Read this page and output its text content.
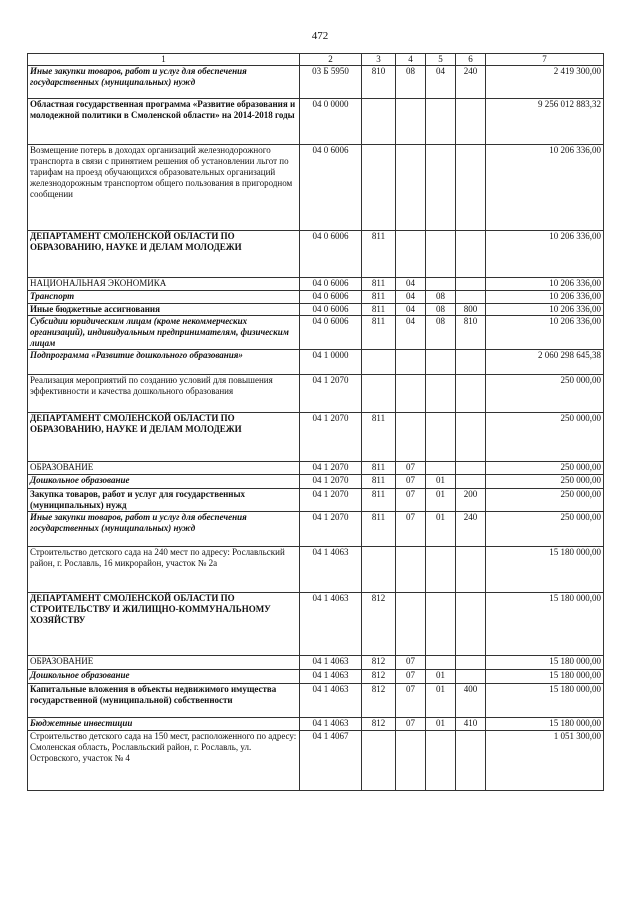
472
1	2	3	4	5	6	7
Иные закупки товаров, работ и услуг для обеспечения государственных (муниципальных) нужд	03 Б 5950	810	08	04	240	2 419 300,00
Областная государственная программа «Развитие образования и молодежной политики в Смоленской области» на 2014-2018 годы	04 0 0000					9 256 012 883,32
Возмещение потерь в доходах организаций железнодорожного транспорта в связи с принятием решения об установлении льгот по тарифам на проезд обучающихся образовательных организаций железнодорожным транспортом общего пользования в пригородном сообщении	04 0 6006					10 206 336,00
ДЕПАРТАМЕНТ СМОЛЕНСКОЙ ОБЛАСТИ ПО ОБРАЗОВАНИЮ, НАУКЕ И ДЕЛАМ МОЛОДЕЖИ	04 0 6006	811				10 206 336,00
НАЦИОНАЛЬНАЯ ЭКОНОМИКА	04 0 6006	811	04			10 206 336,00
Транспорт	04 0 6006	811	04	08		10 206 336,00
Иные бюджетные ассигнования	04 0 6006	811	04	08	800	10 206 336,00
Субсидии юридическим лицам (кроме некоммерческих организаций), индивидуальным предпринимателям, физическим лицам	04 0 6006	811	04	08	810	10 206 336,00
Подпрограмма «Развитие дошкольного образования»	04 1 0000					2 060 298 645,38
Реализация мероприятий по созданию условий для повышения эффективности и качества дошкольного образования	04 1 2070					250 000,00
ДЕПАРТАМЕНТ СМОЛЕНСКОЙ ОБЛАСТИ ПО ОБРАЗОВАНИЮ, НАУКЕ И ДЕЛАМ МОЛОДЕЖИ	04 1 2070	811				250 000,00
ОБРАЗОВАНИЕ	04 1 2070	811	07			250 000,00
Дошкольное образование	04 1 2070	811	07	01		250 000,00
Закупка товаров, работ и услуг для государственных (муниципальных) нужд	04 1 2070	811	07	01	200	250 000,00
Иные закупки товаров, работ и услуг для обеспечения государственных (муниципальных) нужд	04 1 2070	811	07	01	240	250 000,00
Строительство детского сада на 240 мест по адресу: Рославльский район, г. Рославль, 16 микрорайон, участок № 2а	04 1 4063					15 180 000,00
ДЕПАРТАМЕНТ СМОЛЕНСКОЙ ОБЛАСТИ ПО СТРОИТЕЛЬСТВУ И ЖИЛИЩНО-КОММУНАЛЬНОМУ ХОЗЯЙСТВУ	04 1 4063	812				15 180 000,00
ОБРАЗОВАНИЕ	04 1 4063	812	07			15 180 000,00
Дошкольное образование	04 1 4063	812	07	01		15 180 000,00
Капитальные вложения в объекты недвижимого имущества государственной (муниципальной) собственности	04 1 4063	812	07	01	400	15 180 000,00
Бюджетные инвестиции	04 1 4063	812	07	01	410	15 180 000,00
Строительство детского сада на 150 мест, расположенного по адресу: Смоленская область, Рославльский район, г. Рославль, ул. Островского, участок № 4	04 1 4067					1 051 300,00
